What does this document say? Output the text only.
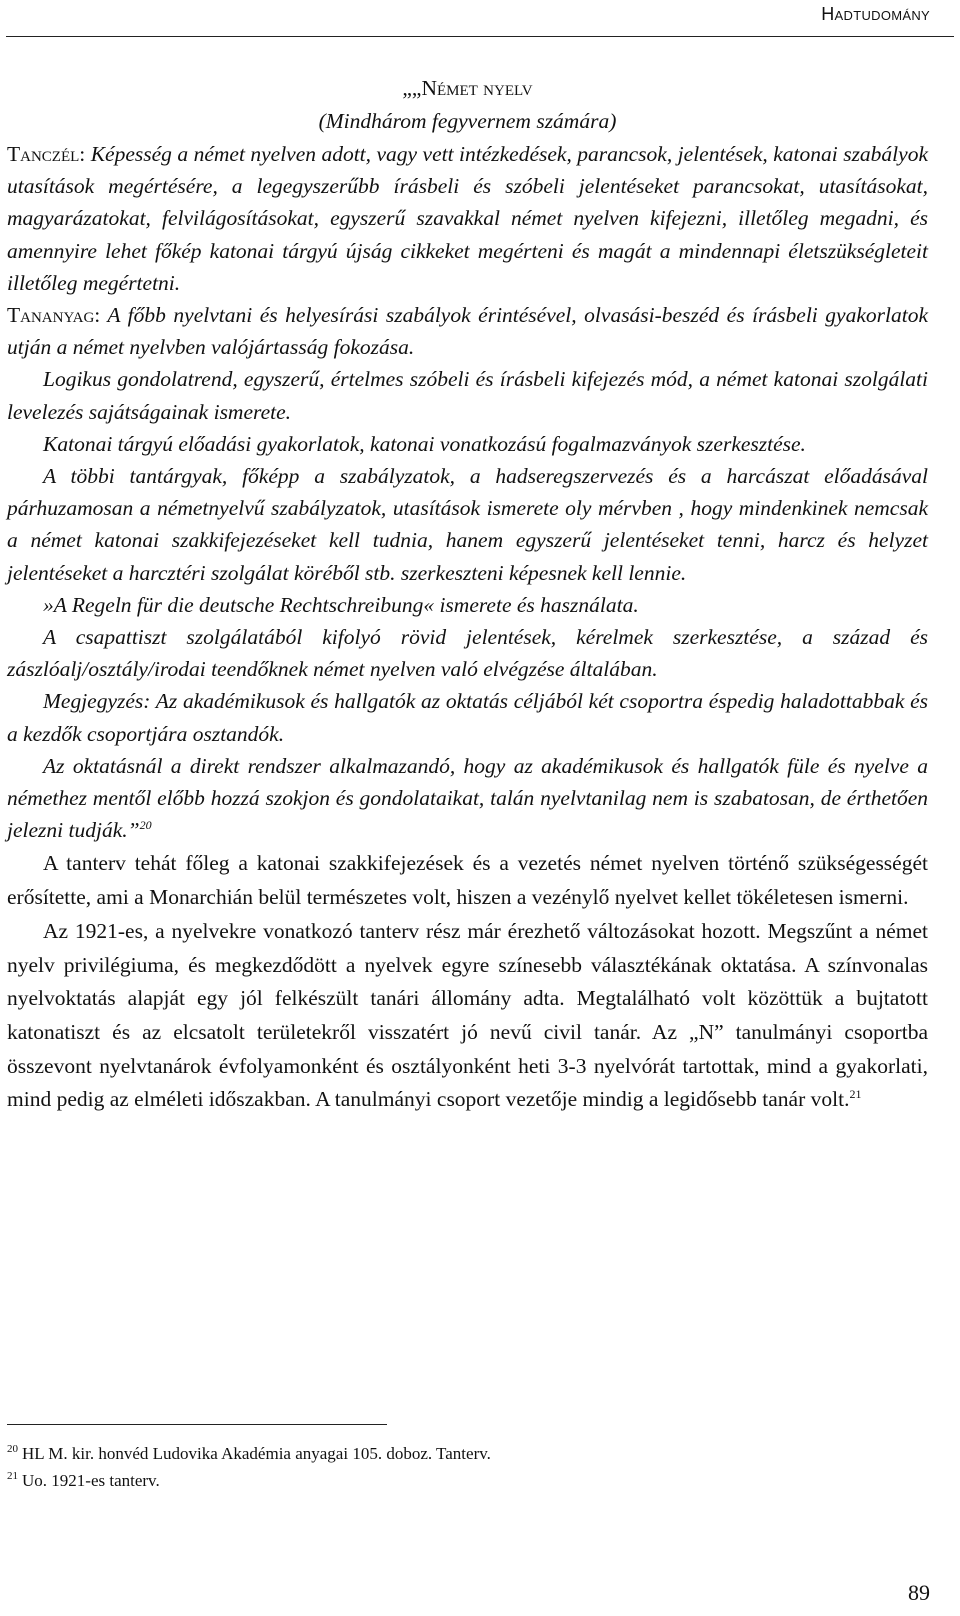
Hadtudomány

„„Német nyelv

(Mindhárom fegyvernem számára)

Tanczél: Képesség a német nyelven adott, vagy vett intézkedések, parancsok, jelentések, katonai szabályok utasítások megértésére, a legegyszerűbb írásbeli és szóbeli jelentéseket parancsokat, utasításokat, magyarázatokat, felvilágosításokat, egyszerű szavakkal német nyelven kifejezni, illetőleg megadni, és amennyire lehet főkép katonai tárgyú újság cikkeket megérteni és magát a mindennapi életszükségleteit illetőleg megértetni.

Tananyag: A főbb nyelvtani és helyesírási szabályok érintésével, olvasási-beszéd és írásbeli gyakorlatok utján a német nyelvben valójártasság fokozása.

Logikus gondolatrend, egyszerű, értelmes szóbeli és írásbeli kifejezés mód, a német katonai szolgálati levelezés sajátságainak ismerete.

Katonai tárgyú előadási gyakorlatok, katonai vonatkozású fogalmazványok szerkesztése.

A többi tantárgyak, főképp a szabályzatok, a hadseregszervezés és a harcászat előadásával párhuzamosan a németnyelvű szabályzatok, utasítások ismerete oly mérvben , hogy mindenkinek nemcsak a német katonai szakkifejezéseket kell tudnia, hanem egyszerű jelentéseket tenni, harcz és helyzet jelentéseket a harcztéri szolgálat köréből stb. szerkeszteni képesnek kell lennie.

»A Regeln für die deutsche Rechtschreibung« ismerete és használata.

A csapattiszt szolgálatából kifolyó rövid jelentések, kérelmek szerkesztése, a század és zászlóalj/osztály/irodai teendőknek német nyelven való elvégzése általában.

Megjegyzés: Az akadémikusok és hallgatók az oktatás céljából két csoportra éspedig haladottabbak és a kezdők csoportjára osztandók.

Az oktatásnál a direkt rendszer alkalmazandó, hogy az akadémikusok és hallgatók füle és nyelve a némethez mentől előbb hozzá szokjon és gondolataikat, talán nyelvtanilag nem is szabatosan, de érthetően jelezni tudják.”$^{20}$

A tanterv tehát főleg a katonai szakkifejezések és a vezetés német nyelven történő szükségességét erősítette, ami a Monarchián belül természetes volt, hiszen a vezénylő nyelvet kellet tökéletesen ismerni.

Az 1921-es, a nyelvekre vonatkozó tanterv rész már érezhető változásokat hozott. Megszűnt a német nyelv privilégiuma, és megkezdődött a nyelvek egyre színesebb választékának oktatása. A színvonalas nyelvoktatás alapját egy jól felkészült tanári állomány adta. Megtalálható volt közöttük a bujtatott katonatiszt és az elcsatolt területekről visszatért jó nevű civil tanár. Az „N” tanulmányi csoportba összevont nyelvtanárok évfolyamonként és osztályonként heti 3-3 nyelvórát tartottak, mind a gyakorlati, mind pedig az elméleti időszakban. A tanulmányi csoport vezetője mindig a legidősebb tanár volt.$^{21}$

$^{20}$ HL M. kir. honvéd Ludovika Akadémia anyagai 105. doboz. Tanterv.

$^{21}$ Uo. 1921-es tanterv.

89
